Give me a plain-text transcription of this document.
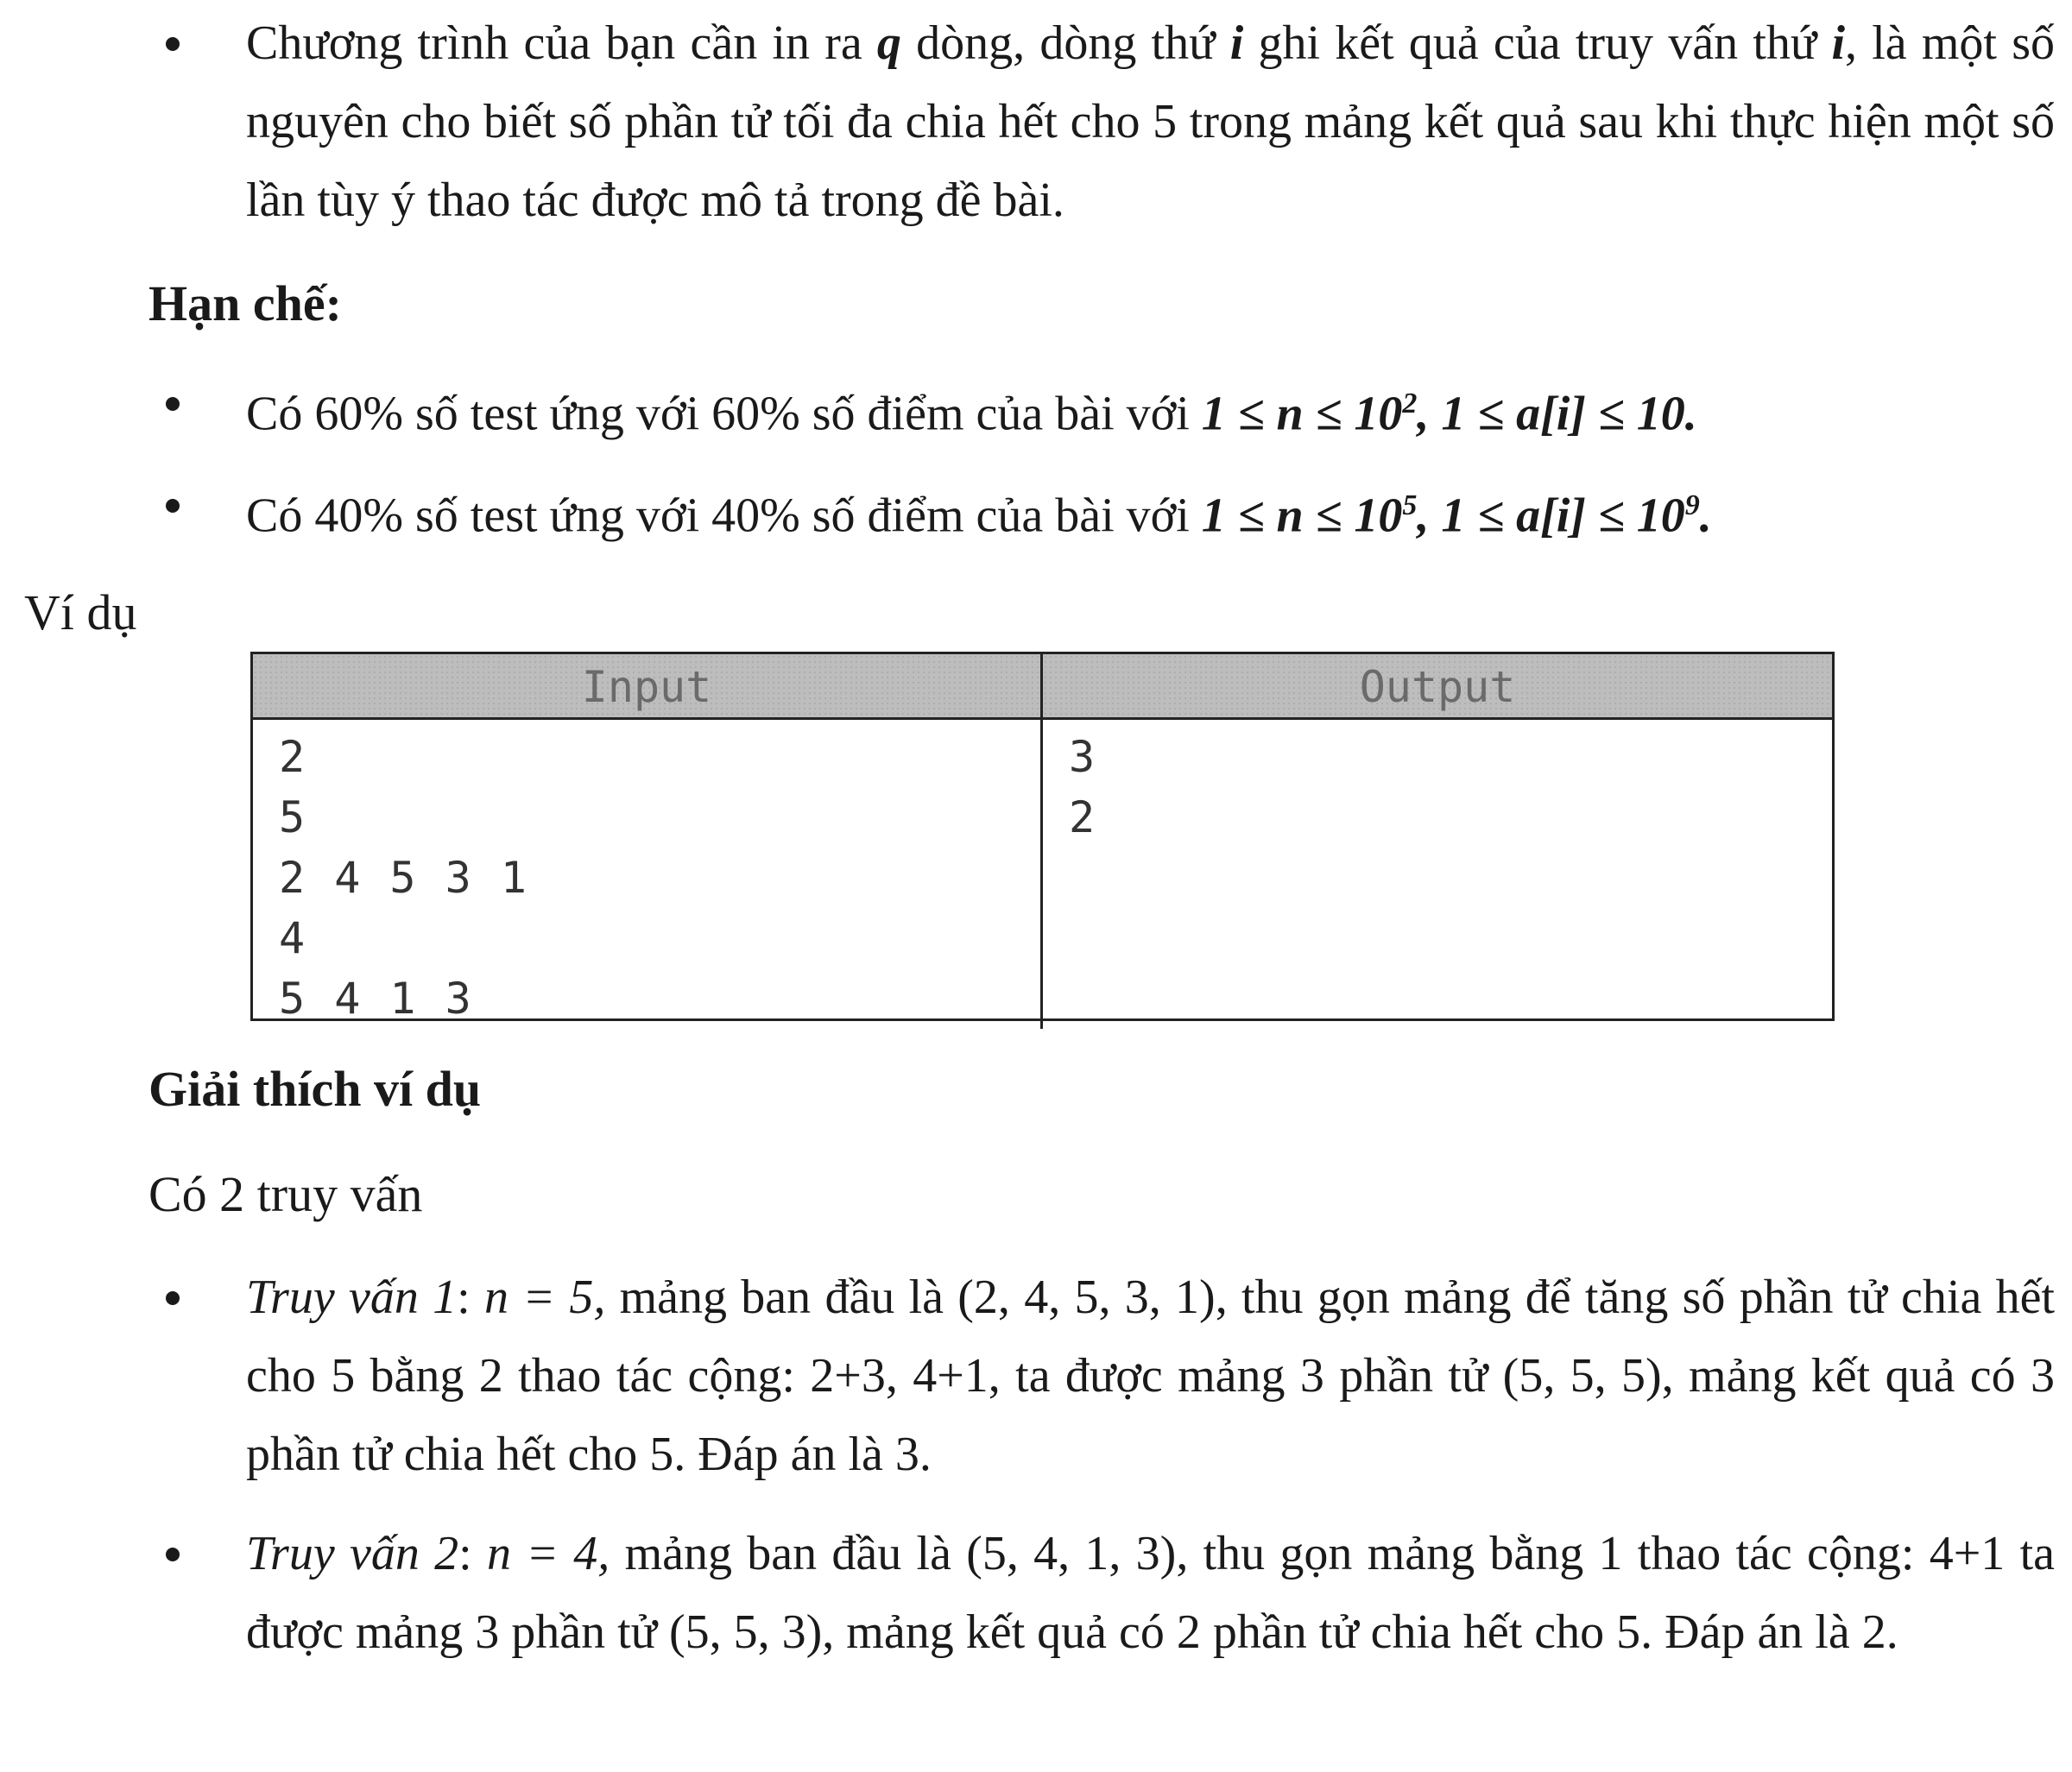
Chương trình của bạn cần in ra q dòng, dòng thứ i ghi kết quả của truy vấn thứ i, là một số nguyên cho biết số phần tử tối đa chia hết cho 5 trong mảng kết quả sau khi thực hiện một số lần tùy ý thao tác được mô tả trong đề bài.
Hạn chế:
Có 60% số test ứng với 60% số điểm của bài với $1 \le n \le 10^2$, 1 ≤ a[i] ≤ 10.
Có 40% số test ứng với 40% số điểm của bài với $1 \le n \le 10^5$, $1 \le a[i] \le 10^9$.
Ví dụ
Input	Output
2
5
2 4 5 3 1
4
5 4 1 3
3
2
Giải thích ví dụ
Có 2 truy vấn
Truy vấn 1: n = 5, mảng ban đầu là (2, 4, 5, 3, 1), thu gọn mảng để tăng số phần tử chia hết cho 5 bằng 2 thao tác cộng: 2+3, 4+1, ta được mảng 3 phần tử (5, 5, 5), mảng kết quả có 3 phần tử chia hết cho 5. Đáp án là 3.
Truy vấn 2: n = 4, mảng ban đầu là (5, 4, 1, 3), thu gọn mảng bằng 1 thao tác cộng: 4+1 ta được mảng 3 phần tử (5, 5, 3), mảng kết quả có 2 phần tử chia hết cho 5. Đáp án là 2.
